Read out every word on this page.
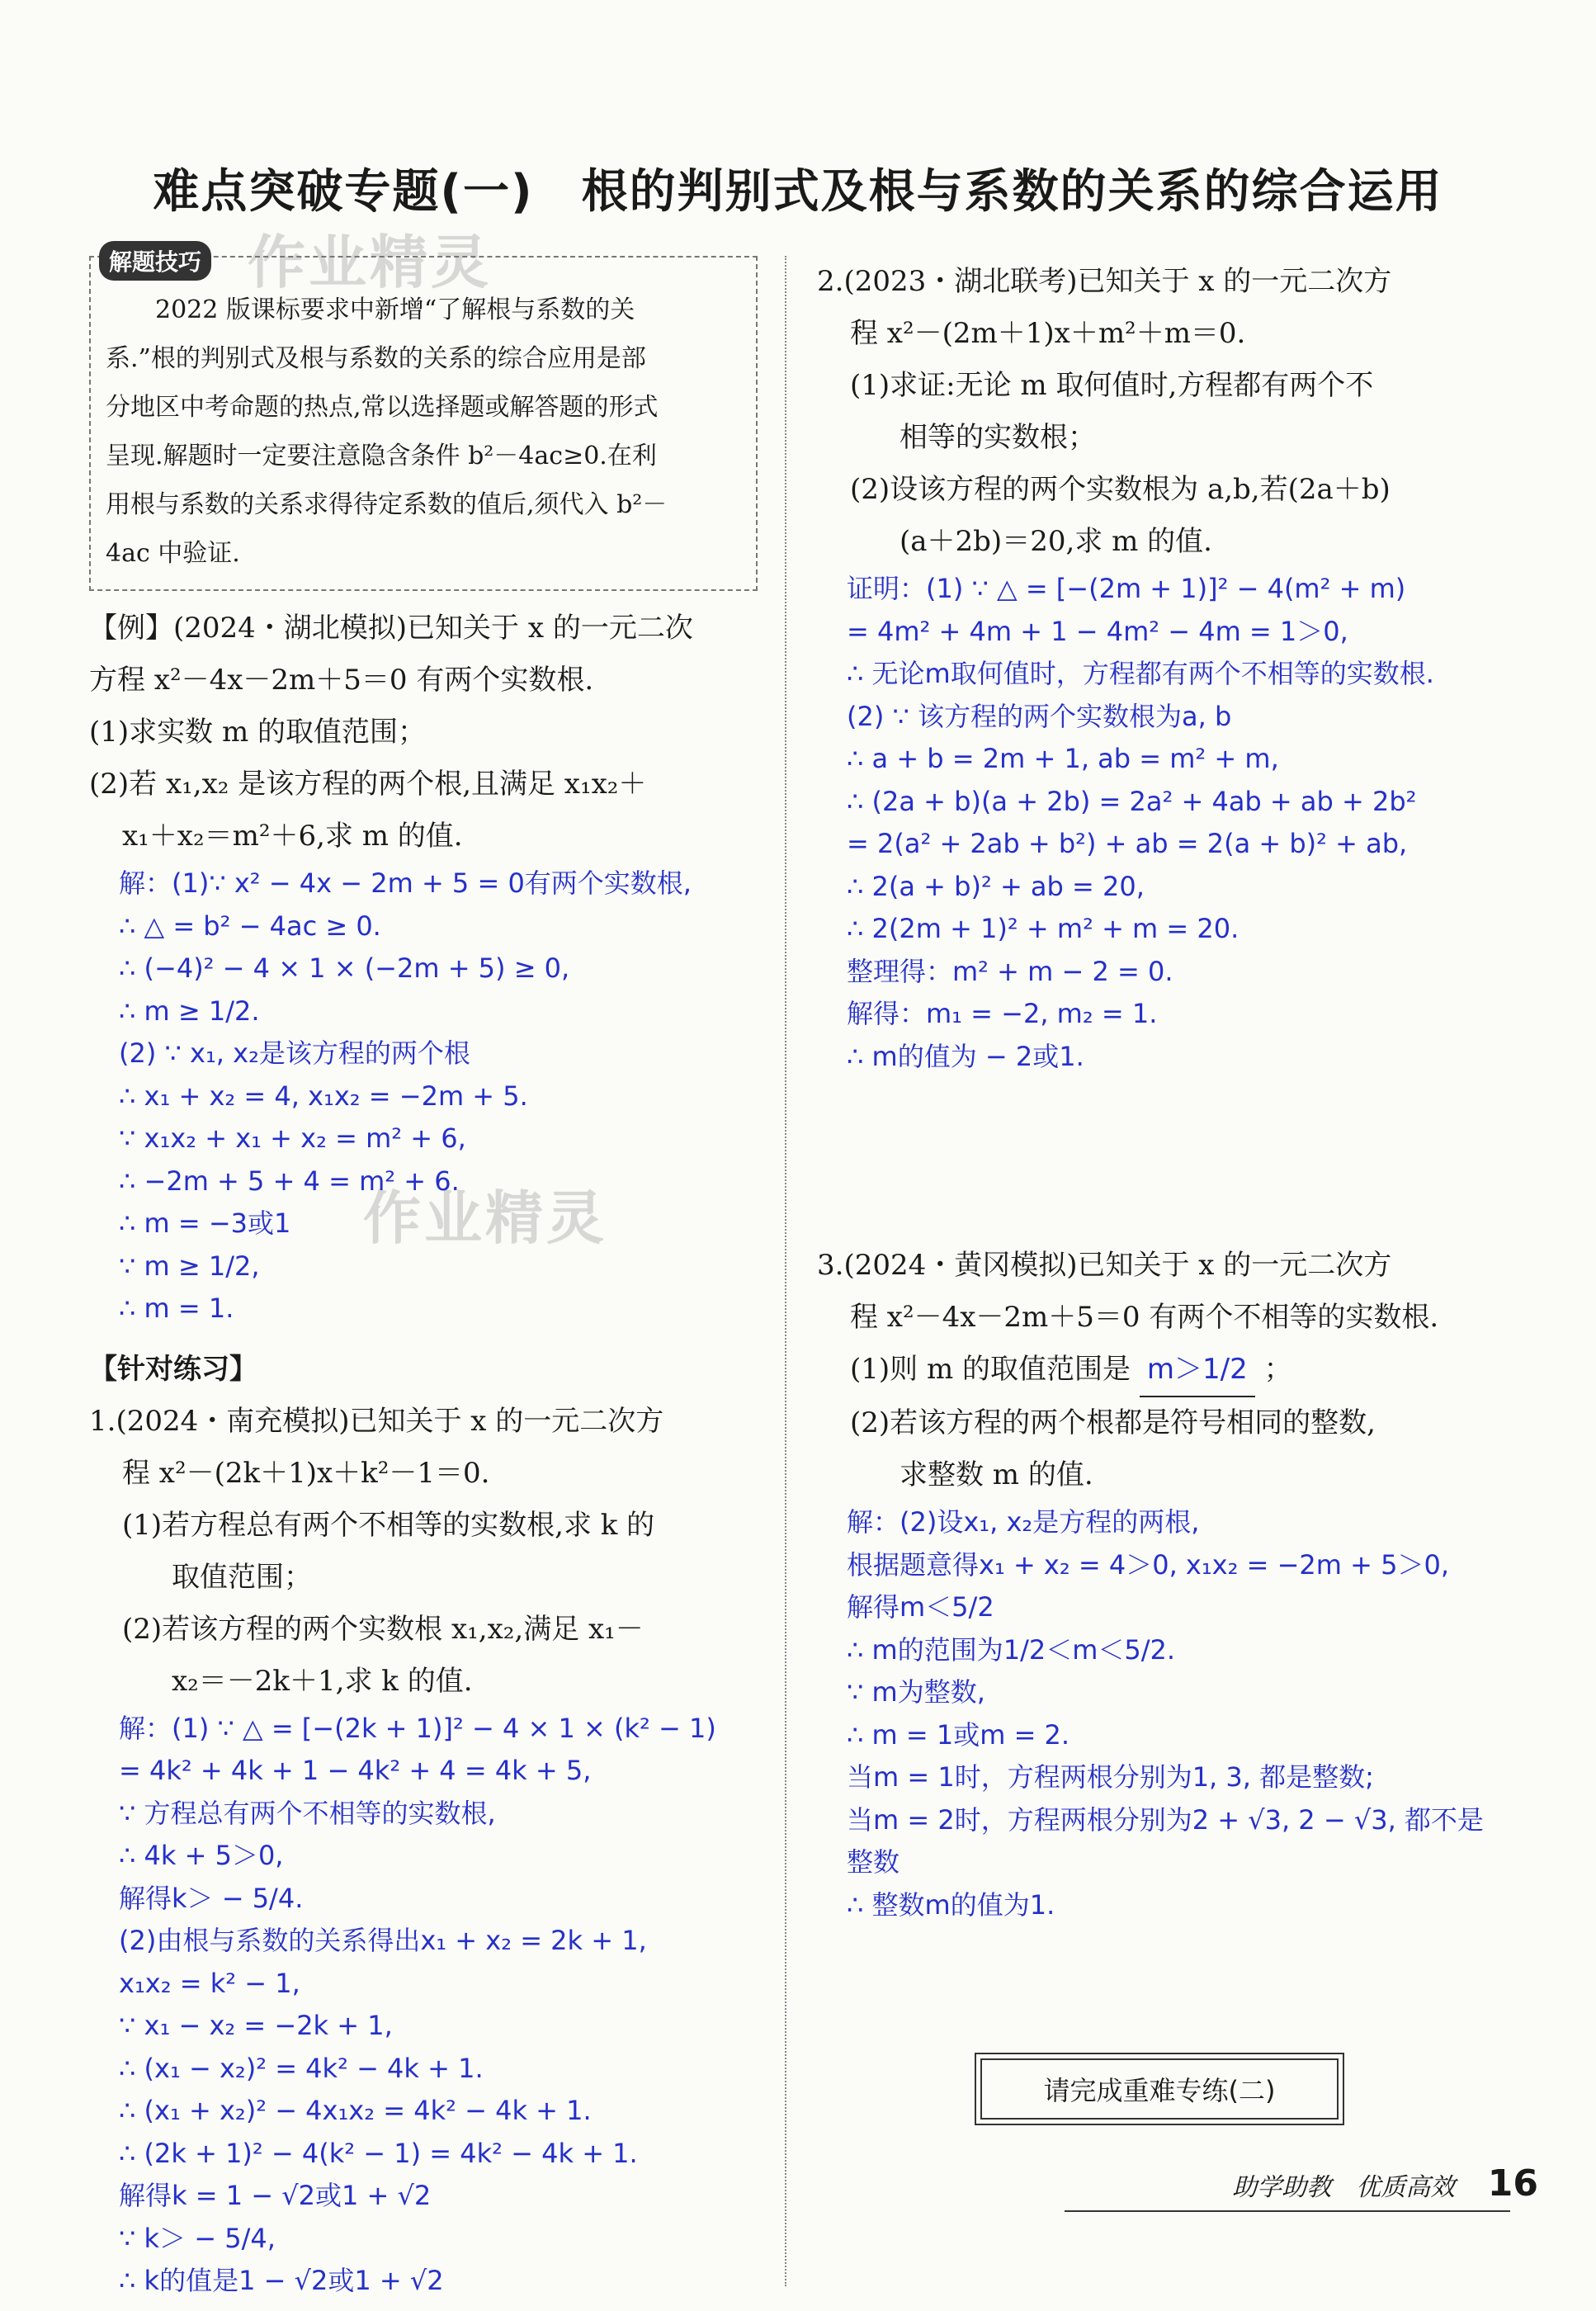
难点突破专题(一)　根的判别式及根与系数的关系的综合运用
作业精灵
作业精灵
解题技巧
　　2022 版课标要求中新增“了解根与系数的关
系.”根的判别式及根与系数的关系的综合应用是部
分地区中考命题的热点,常以选择题或解答题的形式
呈现.解题时一定要注意隐含条件 b²－4ac≥0.在利
用根与系数的关系求得待定系数的值后,须代入 b²－
4ac 中验证.
【例】(2024・湖北模拟)已知关于 x 的一元二次
方程 x²－4x－2m＋5＝0 有两个实数根.
(1)求实数 m 的取值范围；
(2)若 x₁,x₂ 是该方程的两个根,且满足 x₁x₂＋
x₁＋x₂＝m²＋6,求 m 的值.
解：(1)∵ x² − 4x − 2m + 5 = 0有两个实数根,
∴ △ = b² − 4ac ≥ 0.
∴ (−4)² − 4 × 1 × (−2m + 5) ≥ 0,
∴ m ≥ 1/2.
(2) ∵ x₁, x₂是该方程的两个根
∴ x₁ + x₂ = 4, x₁x₂ = −2m + 5.
∵ x₁x₂ + x₁ + x₂ = m² + 6,
∴ −2m + 5 + 4 = m² + 6.
∴ m = −3或1
∵ m ≥ 1/2,
∴ m = 1.
【针对练习】
1.(2024・南充模拟)已知关于 x 的一元二次方
程 x²－(2k＋1)x＋k²－1＝0.
(1)若方程总有两个不相等的实数根,求 k 的
取值范围；
(2)若该方程的两个实数根 x₁,x₂,满足 x₁－
x₂＝－2k＋1,求 k 的值.
解：(1) ∵ △ = [−(2k + 1)]² − 4 × 1 × (k² − 1)
= 4k² + 4k + 1 − 4k² + 4 = 4k + 5,
∵ 方程总有两个不相等的实数根,
∴ 4k + 5＞0,
解得k＞ − 5/4.
(2)由根与系数的关系得出x₁ + x₂ = 2k + 1,
x₁x₂ = k² − 1,
∵ x₁ − x₂ = −2k + 1,
∴ (x₁ − x₂)² = 4k² − 4k + 1.
∴ (x₁ + x₂)² − 4x₁x₂ = 4k² − 4k + 1.
∴ (2k + 1)² − 4(k² − 1) = 4k² − 4k + 1.
解得k = 1 − √2或1 + √2
∵ k＞ − 5/4,
∴ k的值是1 − √2或1 + √2
2.(2023・湖北联考)已知关于 x 的一元二次方
程 x²－(2m＋1)x＋m²＋m＝0.
(1)求证:无论 m 取何值时,方程都有两个不
相等的实数根；
(2)设该方程的两个实数根为 a,b,若(2a＋b)
(a＋2b)＝20,求 m 的值.
证明：(1) ∵ △ = [−(2m + 1)]² − 4(m² + m)
= 4m² + 4m + 1 − 4m² − 4m = 1＞0,
∴ 无论m取何值时，方程都有两个不相等的实数根.
(2) ∵ 该方程的两个实数根为a, b
∴ a + b = 2m + 1, ab = m² + m,
∴ (2a + b)(a + 2b) = 2a² + 4ab + ab + 2b²
= 2(a² + 2ab + b²) + ab = 2(a + b)² + ab,
∴ 2(a + b)² + ab = 20,
∴ 2(2m + 1)² + m² + m = 20.
整理得：m² + m − 2 = 0.
解得：m₁ = −2, m₂ = 1.
∴ m的值为 − 2或1.
3.(2024・黄冈模拟)已知关于 x 的一元二次方
程 x²－4x－2m＋5＝0 有两个不相等的实数根.
(1)则 m 的取值范围是 m＞1/2 ；
(2)若该方程的两个根都是符号相同的整数,
求整数 m 的值.
解：(2)设x₁, x₂是方程的两根,
根据题意得x₁ + x₂ = 4＞0, x₁x₂ = −2m + 5＞0,
解得m＜5/2
∴ m的范围为1/2＜m＜5/2.
∵ m为整数,
∴ m = 1或m = 2.
当m = 1时，方程两根分别为1, 3, 都是整数;
当m = 2时，方程两根分别为2 + √3, 2 − √3, 都不是整数
∴ 整数m的值为1.
请完成重难专练(二)
助学助教　优质高效 16
